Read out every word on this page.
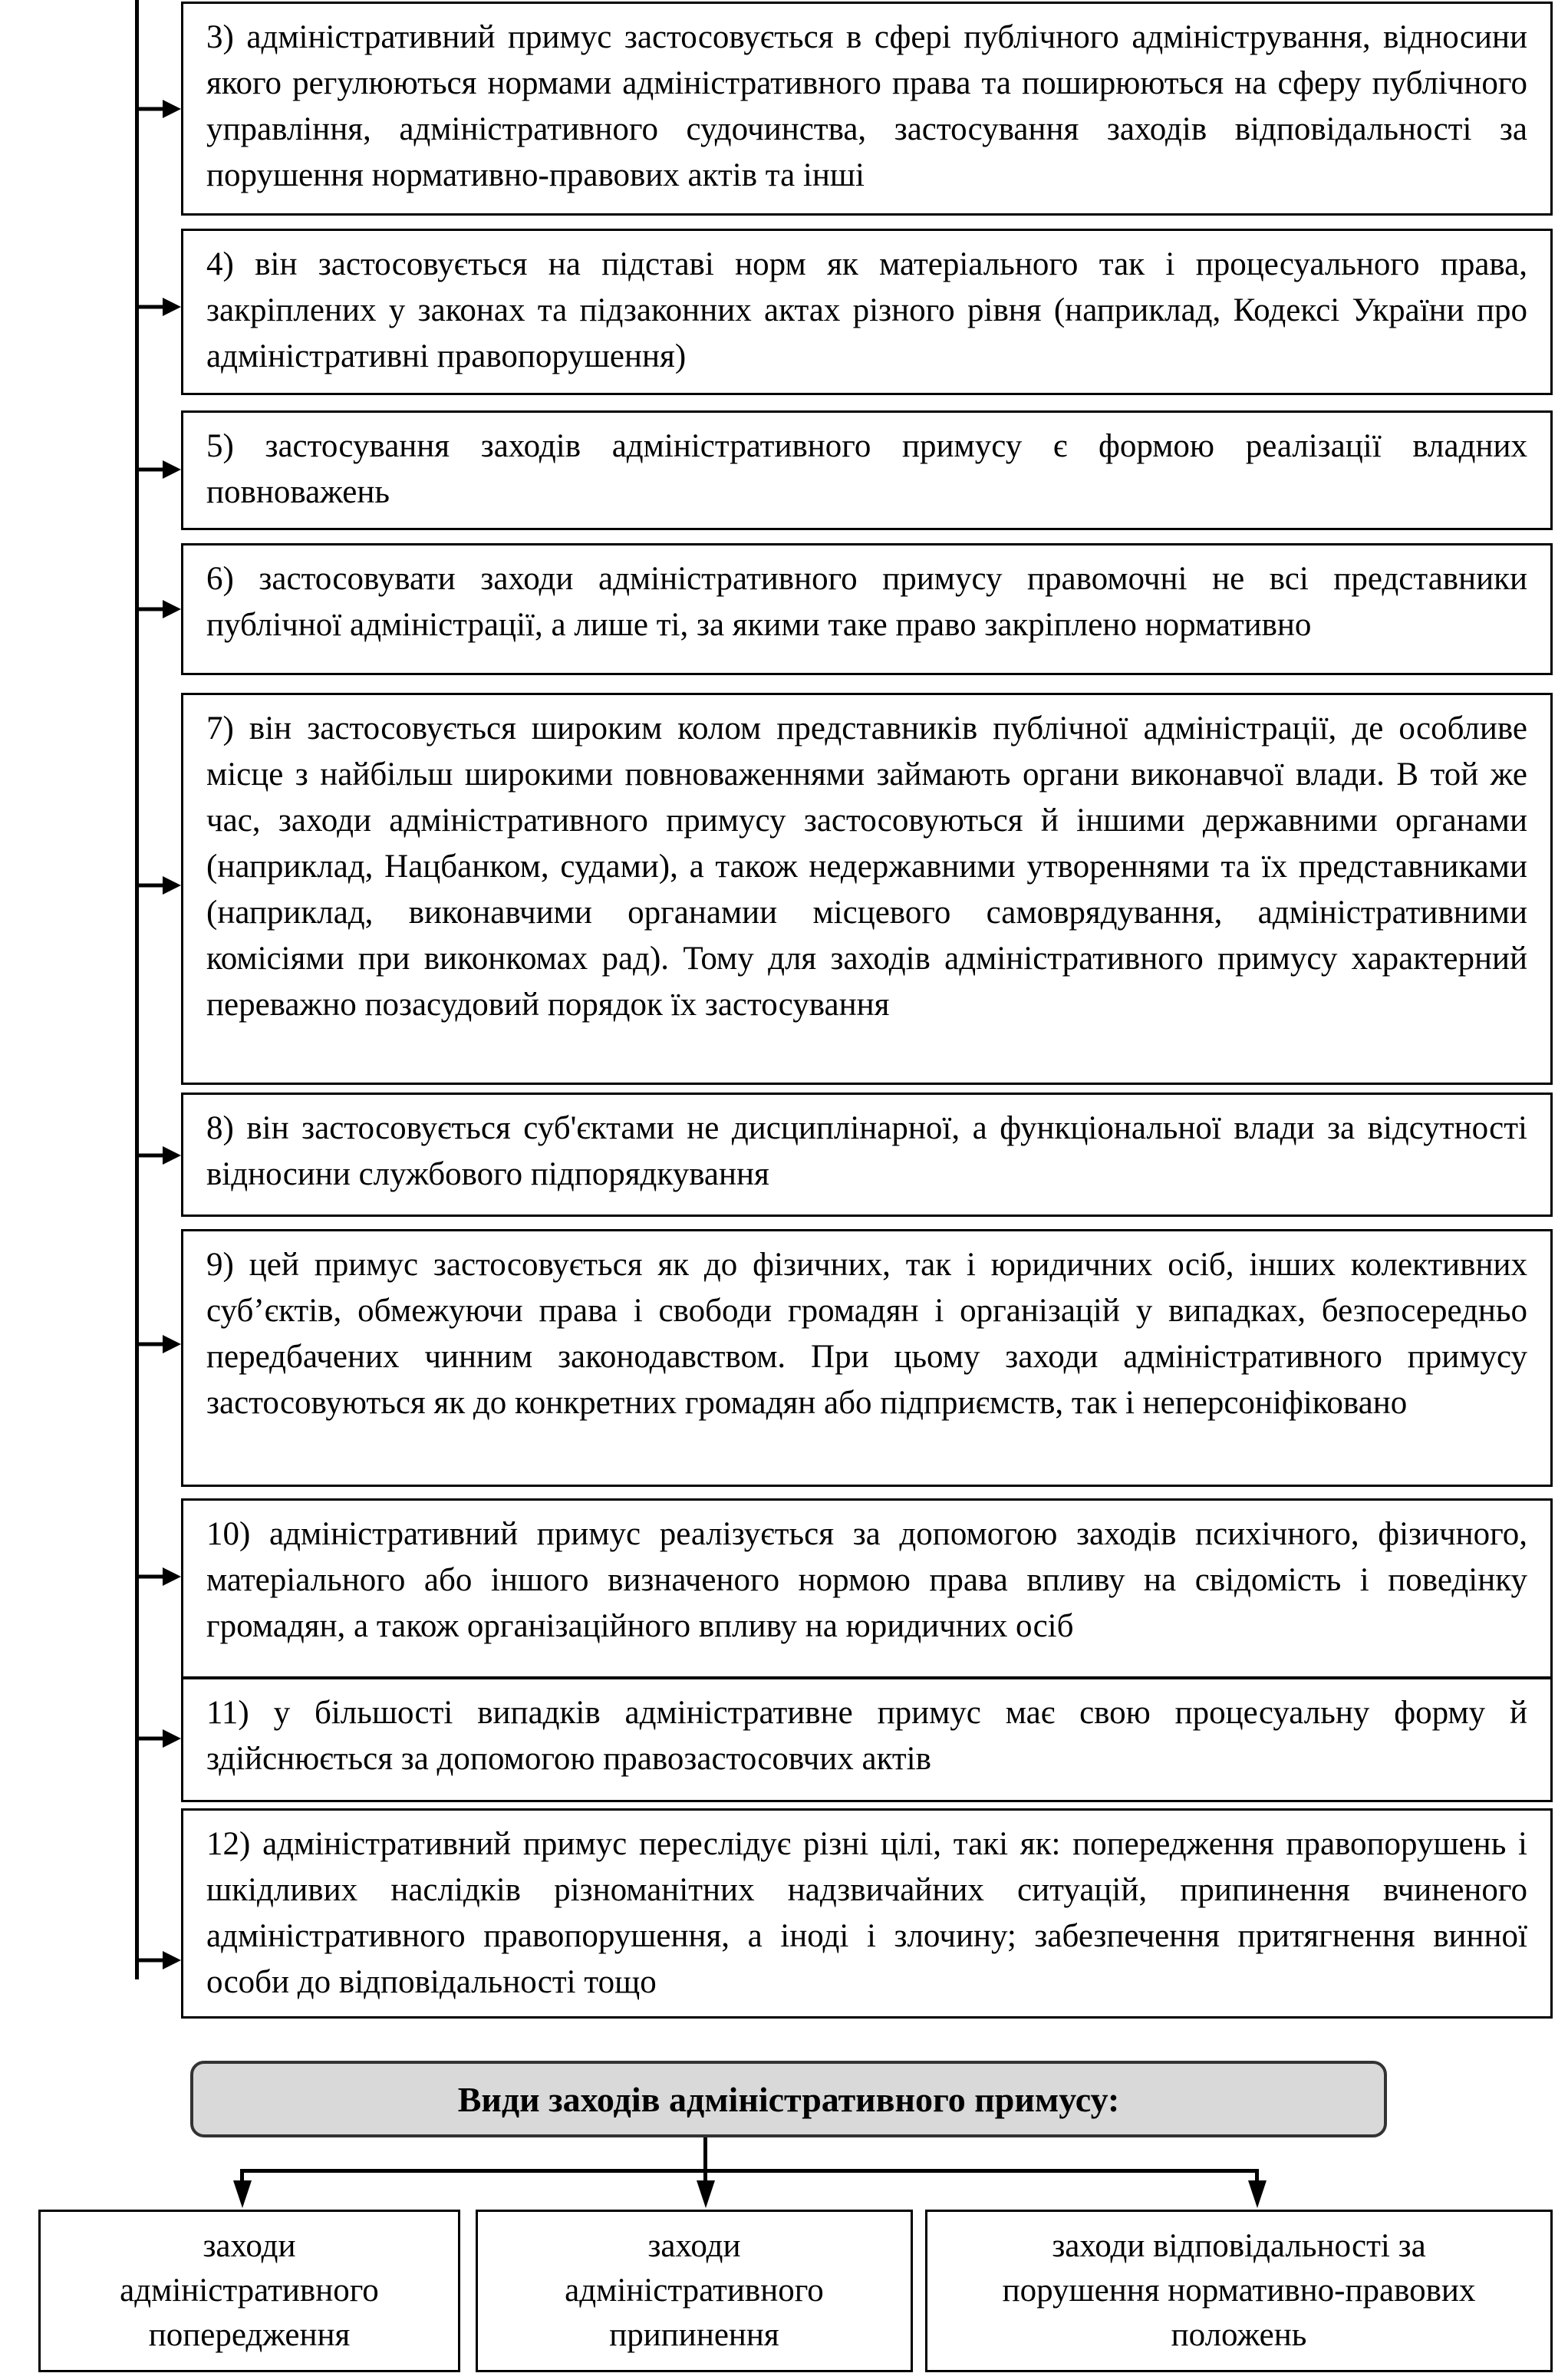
3) адміністративний примус застосовується в сфері публічного адміністрування, відносини якого регулюються нормами адміністративного права та поширюються на сферу публічного управління, адміністративного судочинства, застосування заходів відповідальності за порушення нормативно-правових актів та інші

4) він застосовується на підставі норм як матеріального так і процесуального права, закріплених у законах та підзаконних актах різного рівня (наприклад, Кодексі України про адміністративні правопорушення)

5) застосування заходів адміністративного примусу є формою реалізації владних повноважень

6) застосовувати заходи адміністративного примусу правомочні не всі представники публічної адміністрації, а лише ті, за якими таке право закріплено нормативно

7) він застосовується широким колом представників публічної адміністрації, де особливе місце з найбільш широкими повноваженнями займають органи виконавчої влади. В той же час, заходи адміністративного примусу застосовуються й іншими державними органами (наприклад, Нацбанком, судами), а також недержавними утвореннями та їх представниками (наприклад, виконавчими органамии місцевого самоврядування, адміністративними комісіями при виконкомах рад). Тому для заходів адміністративного примусу характерний переважно позасудовий порядок їх застосування

8) він застосовується суб'єктами не дисциплінарної, а функціональної влади за відсутності відносини службового підпорядкування

9) цей примус застосовується як до фізичних, так і юридичних осіб, інших колективних суб’єктів, обмежуючи права і свободи громадян і організацій у випадках, безпосередньо передбачених чинним законодавством. При цьому заходи адміністративного примусу застосовуються як до конкретних громадян або підприємств, так і неперсоніфіковано

10) адміністративний примус реалізується за допомогою заходів психічного, фізичного, матеріального або іншого визначеного нормою права впливу на свідомість і поведінку громадян, а також організаційного впливу на юридичних осіб

11) у більшості випадків адміністративне примус має свою процесуальну форму й здійснюється за допомогою правозастосовчих актів

12) адміністративний примус переслідує різні цілі, такі як: попередження правопорушень і шкідливих наслідків різноманітних надзвичайних ситуацій, припинення вчиненого адміністративного правопорушення, а іноді і злочину; забезпечення притягнення винної особи до відповідальності тощо

Види заходів адміністративного примусу:
заходи
адміністративного
попередження
заходи
адміністративного
припинення
заходи відповідальності за
порушення нормативно-правових
положень
